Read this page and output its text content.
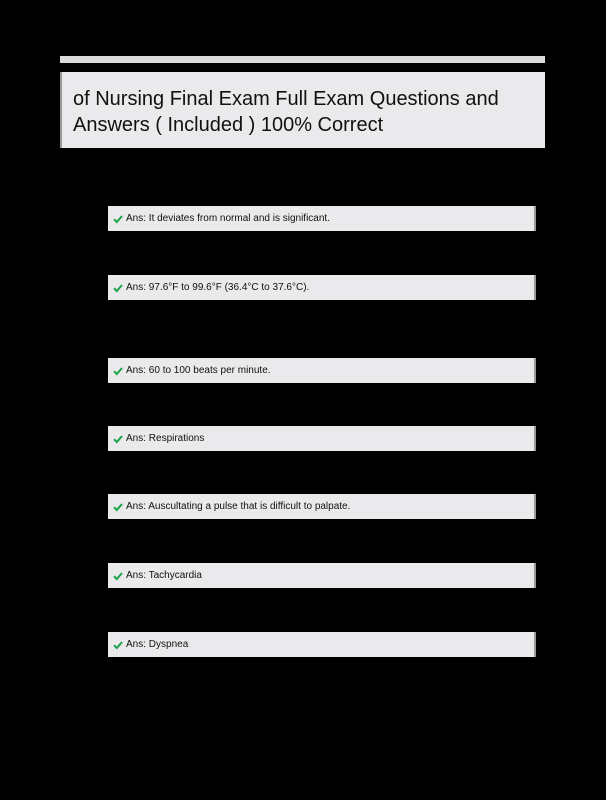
of Nursing Final Exam Full Exam Questions and Answers ( Included ) 100% Correct
Ans: It deviates from normal and is significant.
Ans: 97.6°F to 99.6°F (36.4°C to 37.6°C).
Ans: 60 to 100 beats per minute.
Ans: Respirations
Ans: Auscultating a pulse that is difficult to palpate.
Ans: Tachycardia
Ans: Dyspnea
